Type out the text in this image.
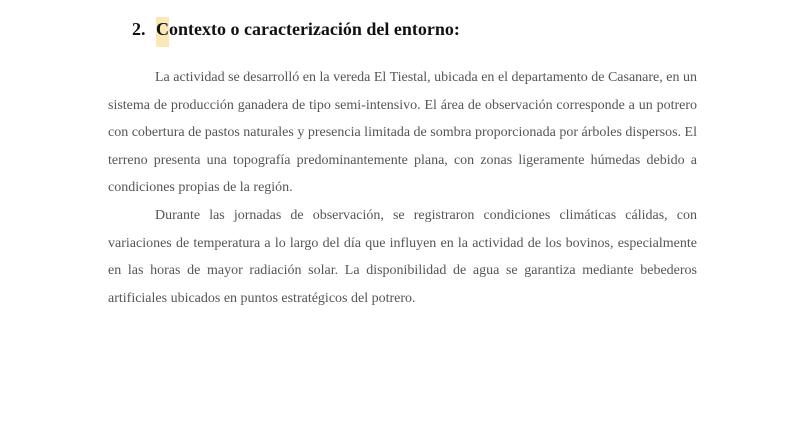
2. Contexto o caracterización del entorno:

La actividad se desarrolló en la vereda El Tiestal, ubicada en el departamento de Casanare, en un sistema de producción ganadera de tipo semi-intensivo. El área de observación corresponde a un potrero con cobertura de pastos naturales y presencia limitada de sombra proporcionada por árboles dispersos. El terreno presenta una topografía predominantemente plana, con zonas ligeramente húmedas debido a condiciones propias de la región.

Durante las jornadas de observación, se registraron condiciones climáticas cálidas, con variaciones de temperatura a lo largo del día que influyen en la actividad de los bovinos, especialmente en las horas de mayor radiación solar. La disponibilidad de agua se garantiza mediante bebederos artificiales ubicados en puntos estratégicos del potrero.
